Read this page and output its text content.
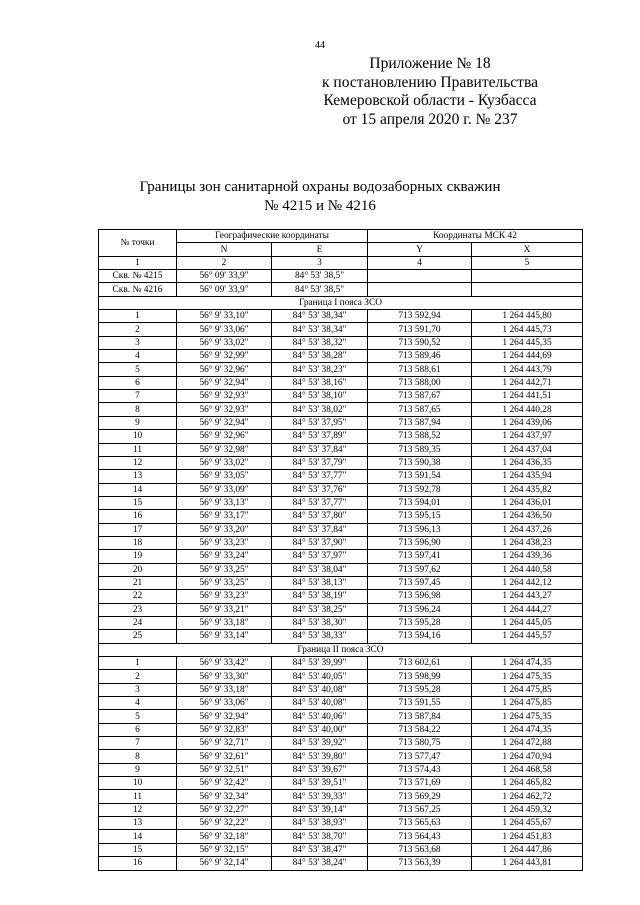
44
Приложение № 18
к постановлению Правительства
Кемеровской области - Кузбасса
от 15 апреля 2020 г. № 237
Границы зон санитарной охраны водозаборных скважин
№ 4215 и № 4216
№ точки	Географические координаты		Координаты МСК 42	
	N	E	Y	X
1	2	3	4	5
Скв. № 4215	56° 09' 33,9"	84° 53' 38,5"		
Скв. № 4216	56° 09' 33,9"	84° 53' 38,5"		
Граница I пояса ЗСО				
1	56° 9' 33,10"	84° 53' 38,34"	713 592,94	1 264 445,80
2	56° 9' 33,06"	84° 53' 38,34"	713 591,70	1 264 445,73
3	56° 9' 33,02"	84° 53' 38,32"	713 590,52	1 264 445,35
4	56° 9' 32,99"	84° 53' 38,28"	713 589,46	1 264 444,69
5	56° 9' 32,96"	84° 53' 38,23"	713 588,61	1 264 443,79
6	56° 9' 32,94"	84° 53' 38,16"	713 588,00	1 264 442,71
7	56° 9' 32,93"	84° 53' 38,10"	713 587,67	1 264 441,51
8	56° 9' 32,93"	84° 53' 38,02"	713 587,65	1 264 440,28
9	56° 9' 32,94"	84° 53' 37,95"	713 587,94	1 264 439,06
10	56° 9' 32,96"	84° 53' 37,89"	713 588,52	1 264 437,97
11	56° 9' 32,98"	84° 53' 37,84"	713 589,35	1 264 437,04
12	56° 9' 33,02"	84° 53' 37,79"	713 590,38	1 264 436,35
13	56° 9' 33,05"	84° 53' 37,77"	713 591,54	1 264 435,94
14	56° 9' 33,09"	84° 53' 37,76"	713 592,78	1 264 435,82
15	56° 9' 33,13"	84° 53' 37,77"	713 594,01	1 264 436,01
16	56° 9' 33,17"	84° 53' 37,80"	713 595,15	1 264 436,50
17	56° 9' 33,20"	84° 53' 37,84"	713 596,13	1 264 437,26
18	56° 9' 33,23"	84° 53' 37,90"	713 596,90	1 264 438,23
19	56° 9' 33,24"	84° 53' 37,97"	713 597,41	1 264 439,36
20	56° 9' 33,25"	84° 53' 38,04"	713 597,62	1 264 440,58
21	56° 9' 33,25"	84° 53' 38,13"	713 597,45	1 264 442,12
22	56° 9' 33,23"	84° 53' 38,19"	713 596,98	1 264 443,27
23	56° 9' 33,21"	84° 53' 38,25"	713 596,24	1 264 444,27
24	56° 9' 33,18"	84° 53' 38,30"	713 595,28	1 264 445,05
25	56° 9' 33,14"	84° 53' 38,33"	713 594,16	1 264 445,57
Граница II пояса ЗСО				
1	56° 9' 33,42"	84° 53' 39,99"	713 602,61	1 264 474,35
2	56° 9' 33,30"	84° 53' 40,05"	713 598,99	1 264 475,35
3	56° 9' 33,18"	84° 53' 40,08"	713 595,28	1 264 475,85
4	56° 9' 33,06"	84° 53' 40,08"	713 591,55	1 264 475,85
5	56° 9' 32,94"	84° 53' 40,06"	713 587,84	1 264 475,35
6	56° 9' 32,83"	84° 53' 40,00"	713 584,22	1 264 474,35
7	56° 9' 32,71"	84° 53' 39,92"	713 580,75	1 264 472,88
8	56° 9' 32,61"	84° 53' 39,80"	713 577,47	1 264 470,94
9	56° 9' 32,51"	84° 53' 39,67"	713 574,43	1 264 468,58
10	56° 9' 32,42"	84° 53' 39,51"	713 571,69	1 264 465,82
11	56° 9' 32,34"	84° 53' 39,33"	713 569,29	1 264 462,72
12	56° 9' 32,27"	84° 53' 39,14"	713 567,25	1 264 459,32
13	56° 9' 32,22"	84° 53' 38,93"	713 565,63	1 264 455,67
14	56° 9' 32,18"	84° 53' 38,70"	713 564,43	1 264 451,83
15	56° 9' 32,15"	84° 53' 38,47"	713 563,68	1 264 447,86
16	56° 9' 32,14"	84° 53' 38,24"	713 563,39	1 264 443,81
